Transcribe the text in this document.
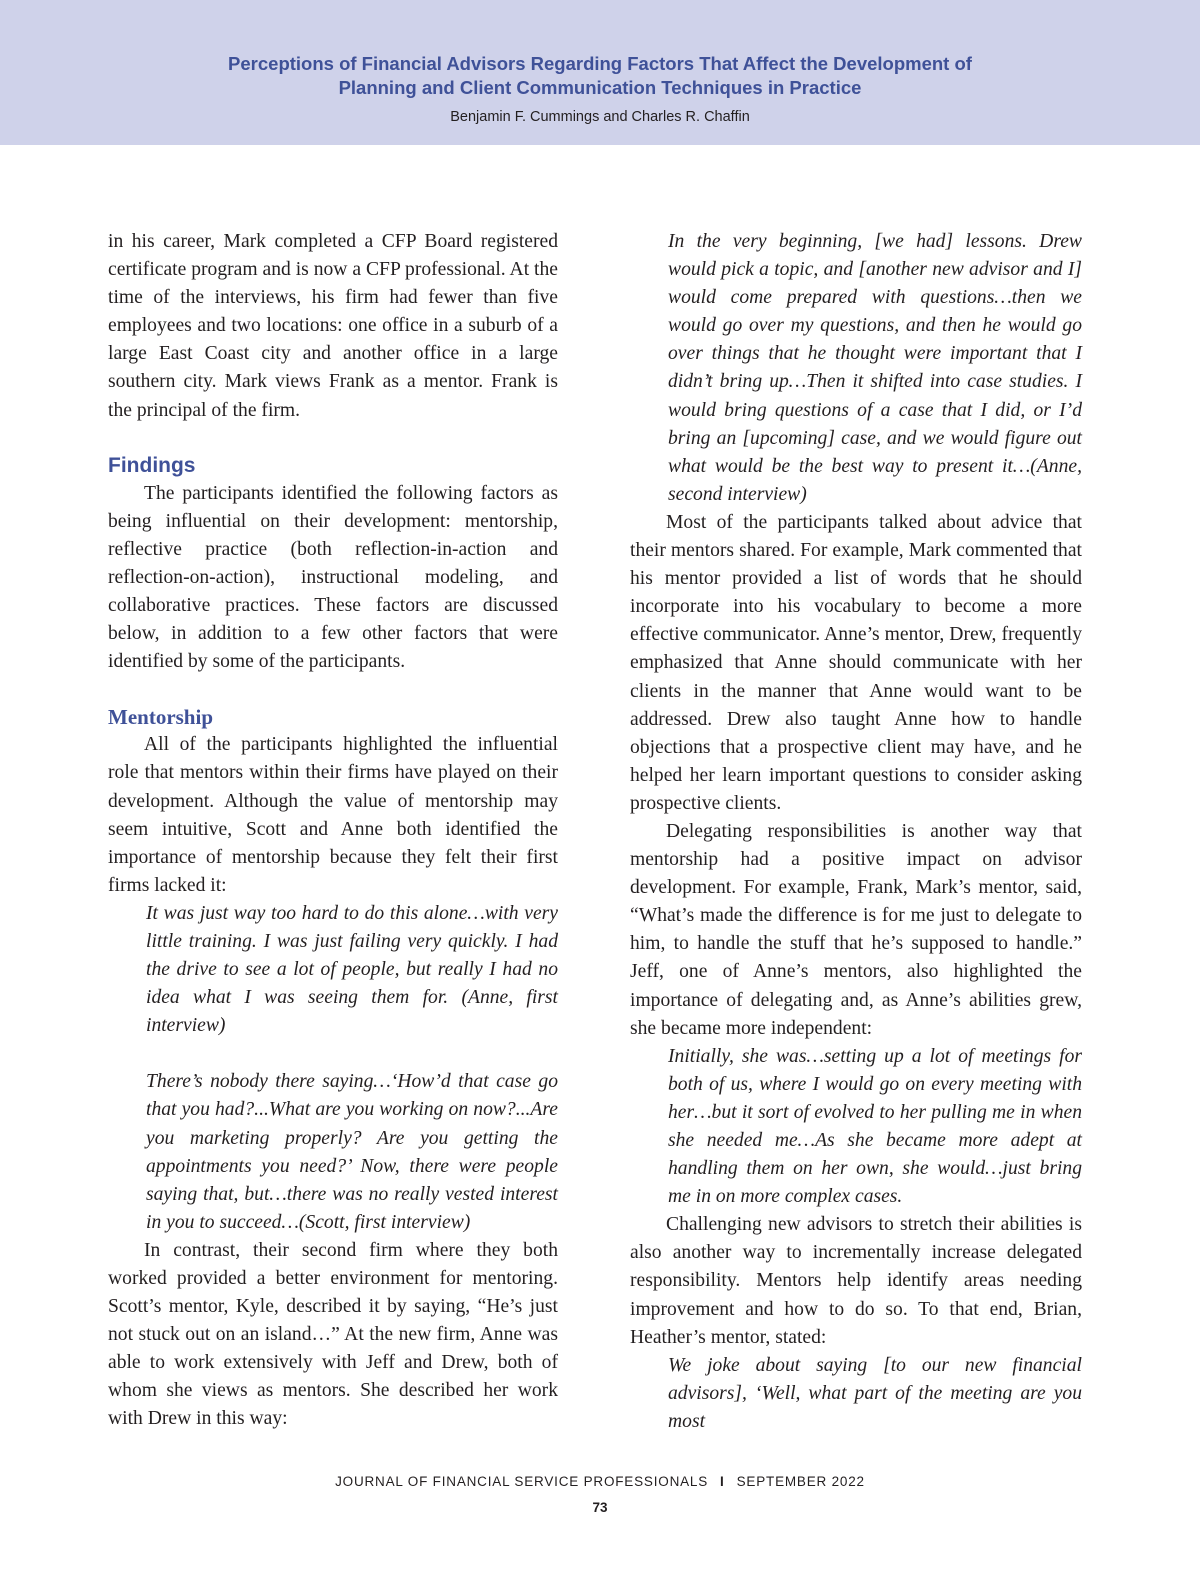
Perceptions of Financial Advisors Regarding Factors That Affect the Development of
Planning and Client Communication Techniques in Practice
Benjamin F. Cummings and Charles R. Chaffin

in his career, Mark completed a CFP Board registered certificate program and is now a CFP professional. At the time of the interviews, his firm had fewer than five employees and two locations: one office in a suburb of a large East Coast city and another office in a large southern city. Mark views Frank as a mentor. Frank is the principal of the firm.

Findings

The participants identified the following factors as being influential on their development: mentorship, reflective practice (both reflection-in-action and reflection-on-action), instructional modeling, and collaborative practices. These factors are discussed below, in addition to a few other factors that were identified by some of the participants.

Mentorship

All of the participants highlighted the influential role that mentors within their firms have played on their development. Although the value of mentorship may seem intuitive, Scott and Anne both identified the importance of mentorship because they felt their first firms lacked it:

It was just way too hard to do this alone…with very little training. I was just failing very quickly. I had the drive to see a lot of people, but really I had no idea what I was seeing them for. (Anne, first interview)

There’s nobody there saying…‘How’d that case go that you had?...What are you working on now?...Are you marketing properly? Are you getting the appointments you need?’ Now, there were people saying that, but…there was no really vested interest in you to succeed…(Scott, first interview)

In contrast, their second firm where they both worked provided a better environment for mentoring. Scott’s mentor, Kyle, described it by saying, “He’s just not stuck out on an island…” At the new firm, Anne was able to work extensively with Jeff and Drew, both of whom she views as mentors. She described her work with Drew in this way:

In the very beginning, [we had] lessons. Drew would pick a topic, and [another new advisor and I] would come prepared with questions…then we would go over my questions, and then he would go over things that he thought were important that I didn’t bring up…Then it shifted into case studies. I would bring questions of a case that I did, or I’d bring an [upcoming] case, and we would figure out what would be the best way to present it…(Anne, second interview)

Most of the participants talked about advice that their mentors shared. For example, Mark commented that his mentor provided a list of words that he should incorporate into his vocabulary to become a more effective communicator. Anne’s mentor, Drew, frequently emphasized that Anne should communicate with her clients in the manner that Anne would want to be addressed. Drew also taught Anne how to handle objections that a prospective client may have, and he helped her learn important questions to consider asking prospective clients.

Delegating responsibilities is another way that mentorship had a positive impact on advisor development. For example, Frank, Mark’s mentor, said, “What’s made the difference is for me just to delegate to him, to handle the stuff that he’s supposed to handle.” Jeff, one of Anne’s mentors, also highlighted the importance of delegating and, as Anne’s abilities grew, she became more independent:

Initially, she was…setting up a lot of meetings for both of us, where I would go on every meeting with her…but it sort of evolved to her pulling me in when she needed me…As she became more adept at handling them on her own, she would…just bring me in on more complex cases.

Challenging new advisors to stretch their abilities is also another way to incrementally increase delegated responsibility. Mentors help identify areas needing improvement and how to do so. To that end, Brian, Heather’s mentor, stated:

We joke about saying [to our new financial advisors], ‘Well, what part of the meeting are you most

JOURNAL OF FINANCIAL SERVICE PROFESSIONALS I SEPTEMBER 2022
73
